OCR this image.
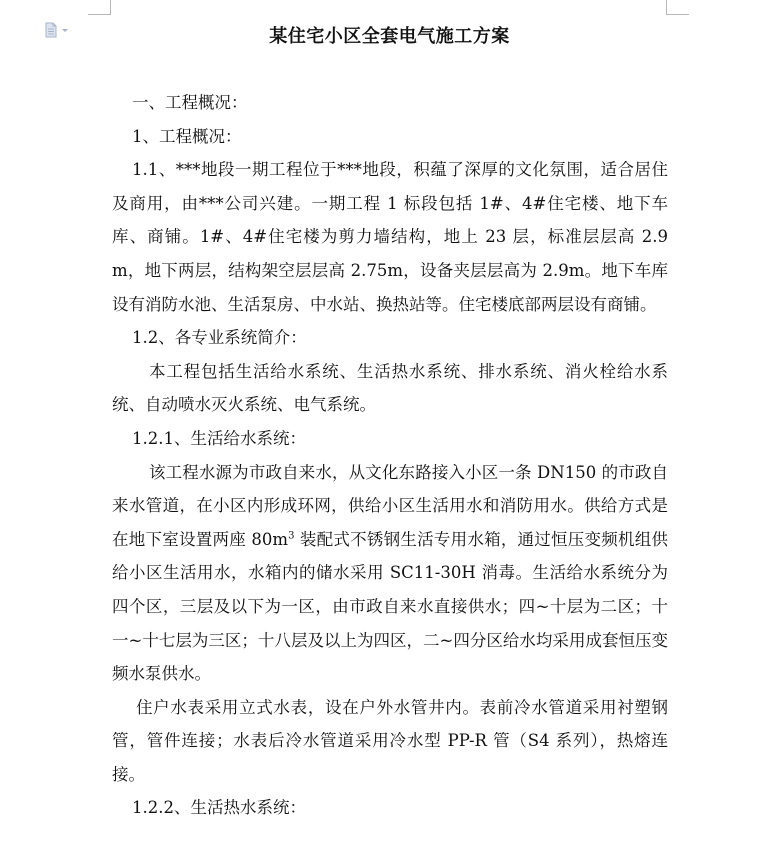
某住宅小区全套电气施工方案

一、工程概况：

1、工程概况：

1.1、***地段一期工程位于***地段，积蕴了深厚的文化氛围，适合居住及商用，由***公司兴建。一期工程 1 标段包括 1#、4#住宅楼、地下车库、商铺。1#、4#住宅楼为剪力墙结构，地上 23 层，标准层层高 2.9m，地下两层，结构架空层层高 2.75m，设备夹层层高为 2.9m。地下车库设有消防水池、生活泵房、中水站、换热站等。住宅楼底部两层设有商铺。

1.2、各专业系统简介：

本工程包括生活给水系统、生活热水系统、排水系统、消火栓给水系统、自动喷水灭火系统、电气系统。

1.2.1、生活给水系统：

该工程水源为市政自来水，从文化东路接入小区一条 DN150 的市政自来水管道，在小区内形成环网，供给小区生活用水和消防用水。供给方式是在地下室设置两座 $80m^3$ 装配式不锈钢生活专用水箱，通过恒压变频机组供给小区生活用水，水箱内的储水采用 SC11-30H 消毒。生活给水系统分为四个区，三层及以下为一区，由市政自来水直接供水；四~十层为二区；十一~十七层为三区；十八层及以上为四区，二~四分区给水均采用成套恒压变频水泵供水。

住户水表采用立式水表，设在户外水管井内。表前冷水管道采用衬塑钢管，管件连接；水表后冷水管道采用冷水型 PP-R 管（S4 系列），热熔连接。

1.2.2、生活热水系统：
